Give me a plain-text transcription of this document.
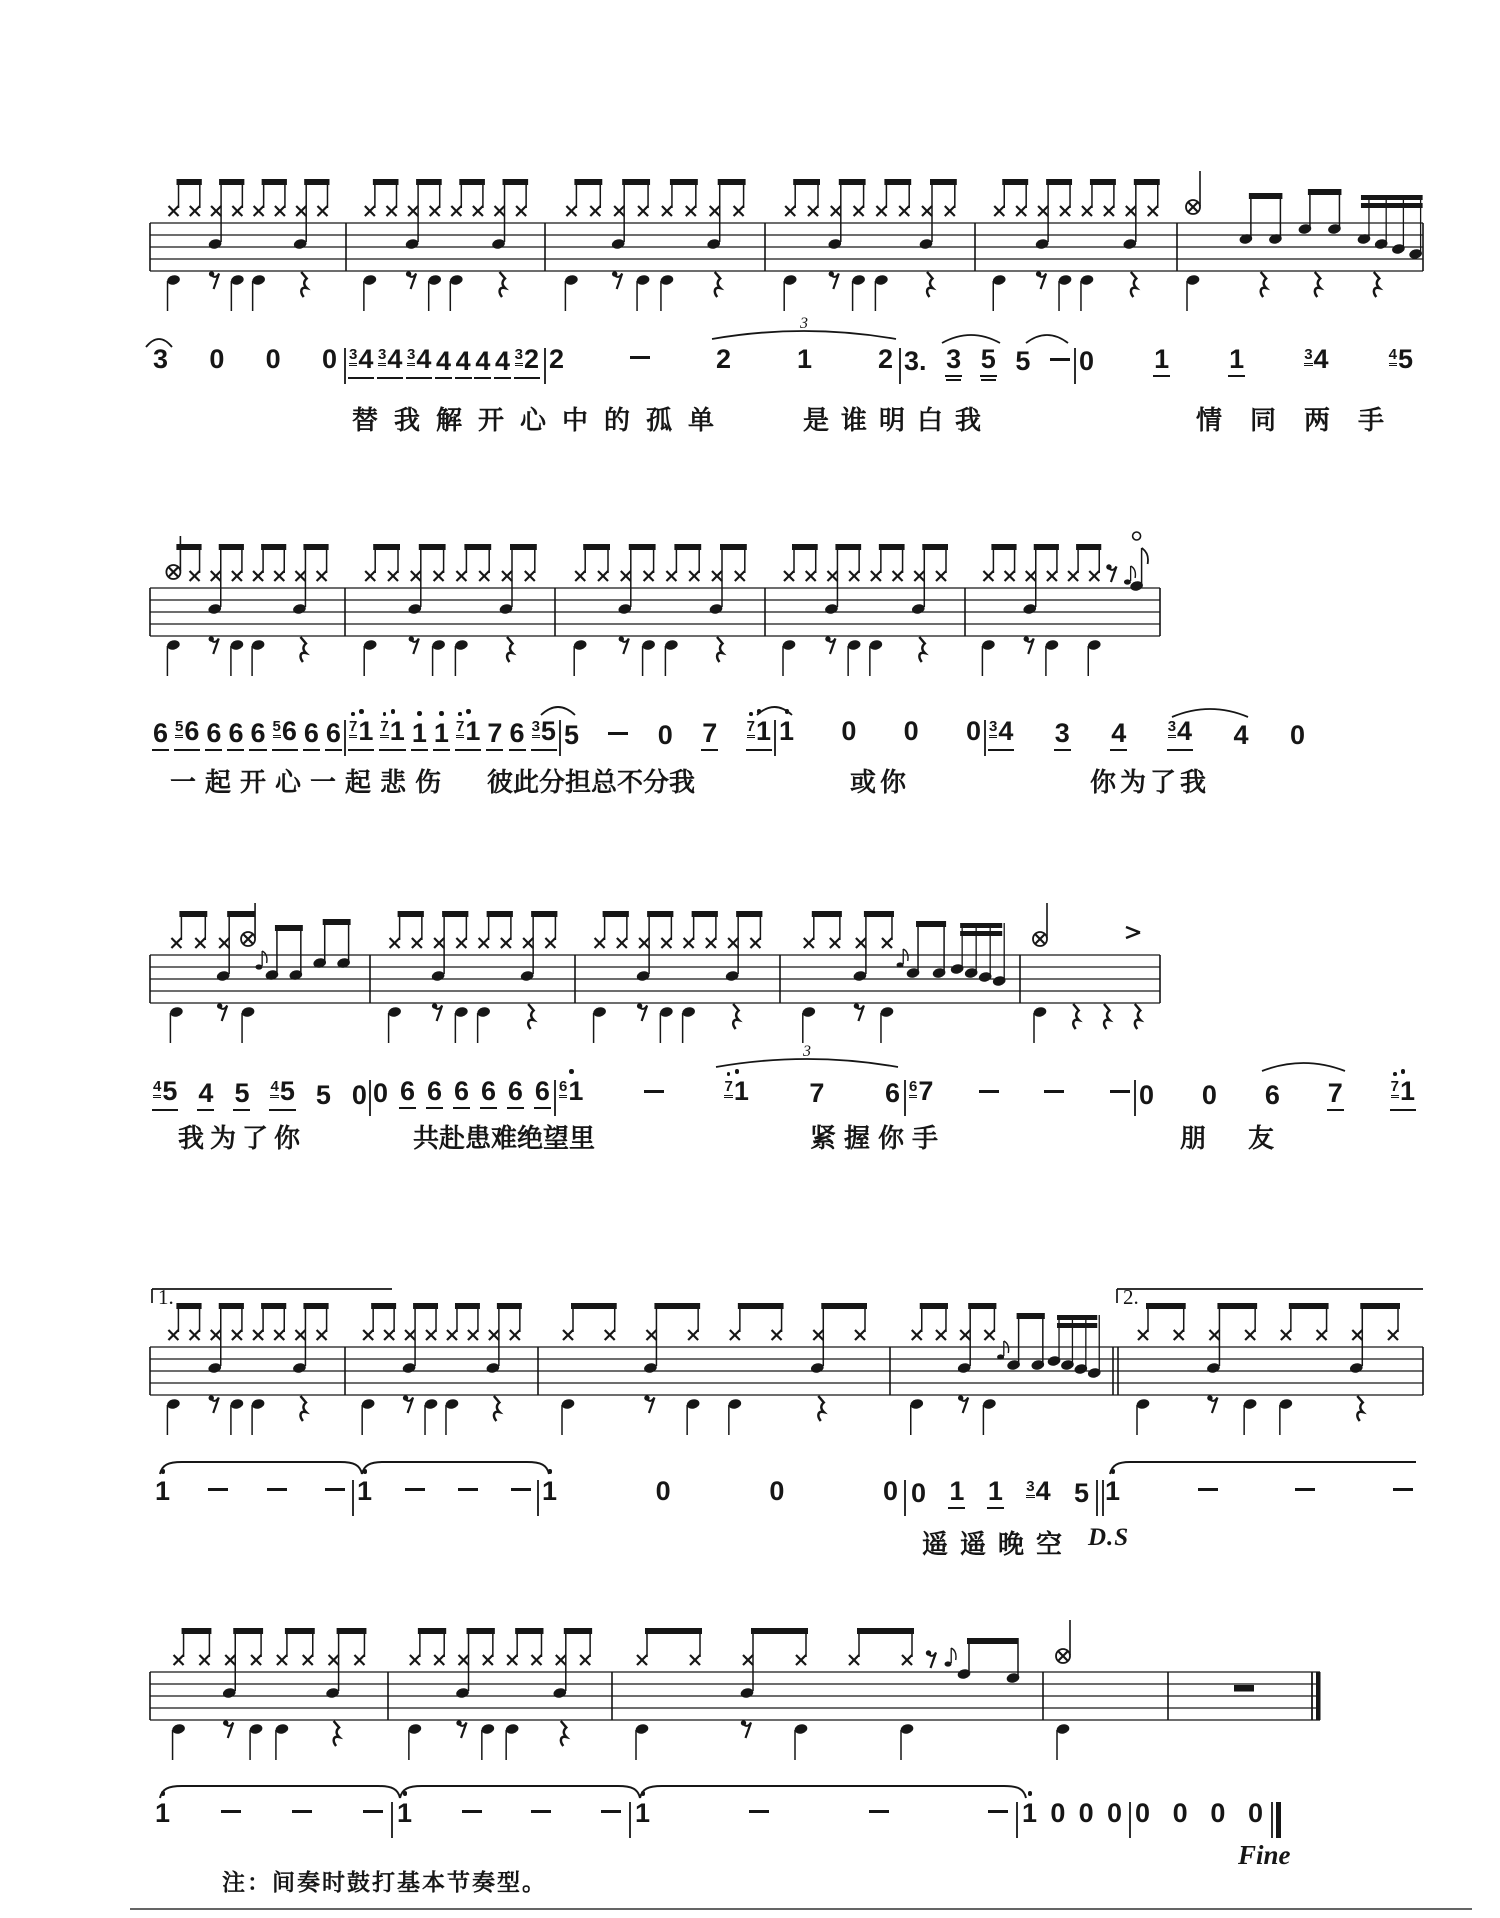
3
3
1.	2.
3 0 0 0 34 34 34 4 4 4 4 32 2	2 1 2 3. 3 5 5 0 1 1	34	45
6 56 6 6 6 56 6 6 71 71 1 1 71 7 6 35 5	0 7 71 1 0 0 0 34 3 4	34 4 0
45 4 5 45 5 0 0 6 6 6 6 6 6 61	71 7 6 67	0 0 6 7	71
1	1	1	0	0	0 0 1 1 34 5 1
1	1	1	1 0 0 0 0 0 0 0
替我解开心中的孤单	是谁明白我	情同两手
一起开心一起悲伤 彼此分担总不分我	或你	你为了我
我为了你	共赴患难绝望里	紧握你手	朋友
遥遥晚空 D.S
注：间奏时鼓打基本节奏型。
Fine
